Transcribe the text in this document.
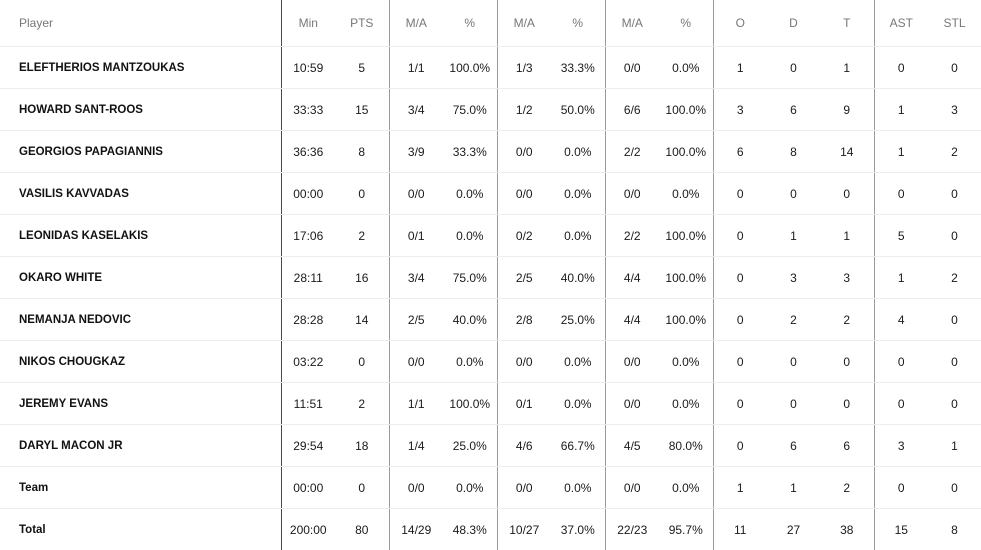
Player	Min	PTS	M/A	%	M/A	%	M/A	%	O	D	T	AST	STL
ELEFTHERIOS MANTZOUKAS	10:59	5	1/1	100.0%	1/3	33.3%	0/0	0.0%	1	0	1	0	0
HOWARD SANT-ROOS	33:33	15	3/4	75.0%	1/2	50.0%	6/6	100.0%	3	6	9	1	3
GEORGIOS PAPAGIANNIS	36:36	8	3/9	33.3%	0/0	0.0%	2/2	100.0%	6	8	14	1	2
VASILIS KAVVADAS	00:00	0	0/0	0.0%	0/0	0.0%	0/0	0.0%	0	0	0	0	0
LEONIDAS KASELAKIS	17:06	2	0/1	0.0%	0/2	0.0%	2/2	100.0%	0	1	1	5	0
OKARO WHITE	28:11	16	3/4	75.0%	2/5	40.0%	4/4	100.0%	0	3	3	1	2
NEMANJA NEDOVIC	28:28	14	2/5	40.0%	2/8	25.0%	4/4	100.0%	0	2	2	4	0
NIKOS CHOUGKAZ	03:22	0	0/0	0.0%	0/0	0.0%	0/0	0.0%	0	0	0	0	0
JEREMY EVANS	11:51	2	1/1	100.0%	0/1	0.0%	0/0	0.0%	0	0	0	0	0
DARYL MACON JR	29:54	18	1/4	25.0%	4/6	66.7%	4/5	80.0%	0	6	6	3	1
Team	00:00	0	0/0	0.0%	0/0	0.0%	0/0	0.0%	1	1	2	0	0
Total	200:00	80	14/29	48.3%	10/27	37.0%	22/23	95.7%	11	27	38	15	8
